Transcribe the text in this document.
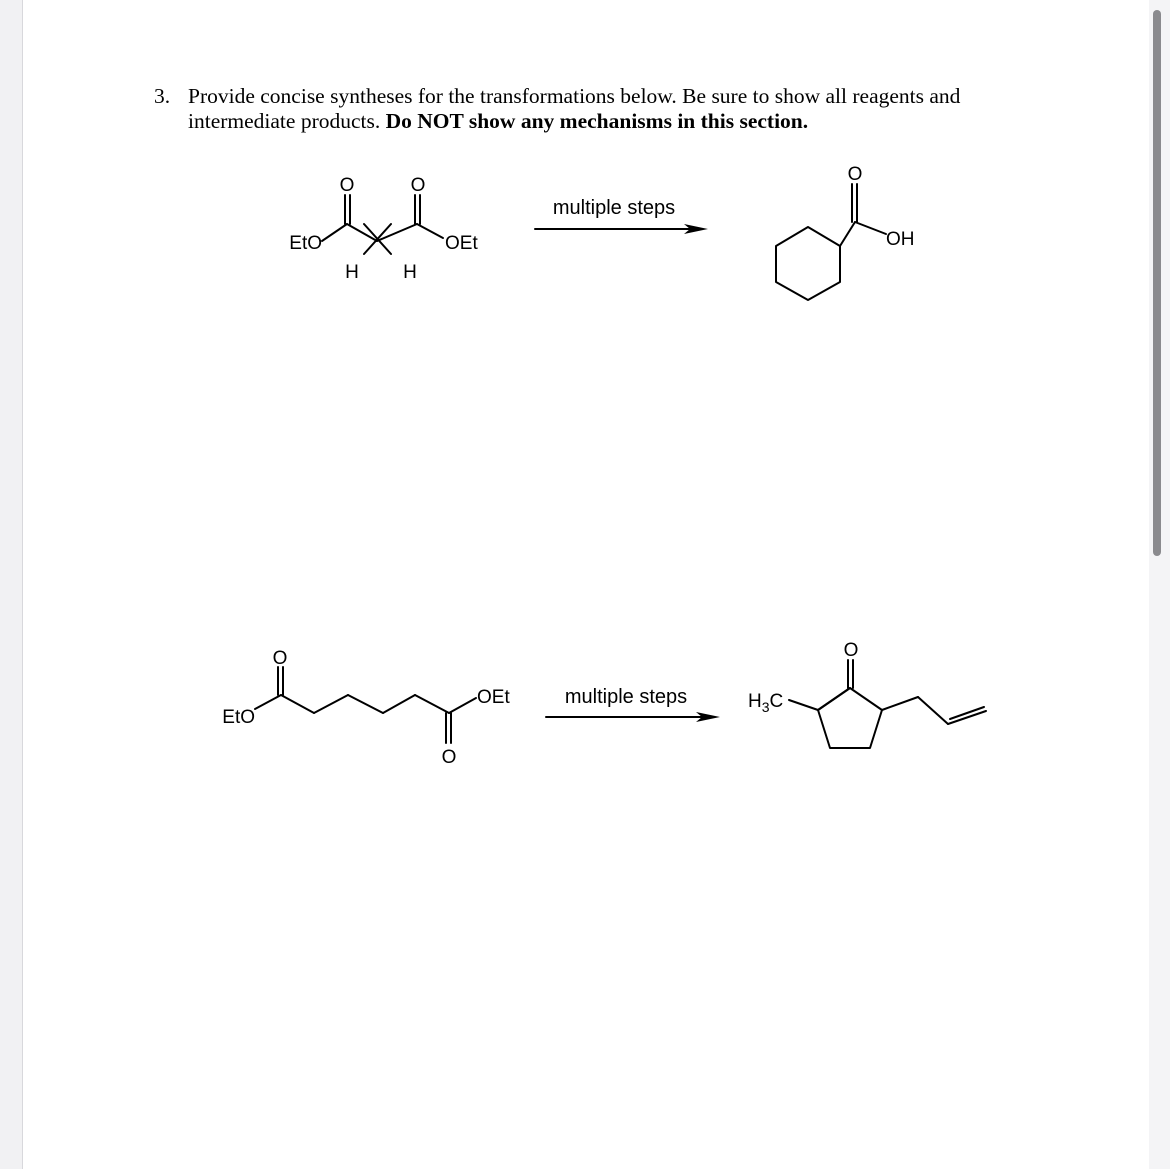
3. Provide concise syntheses for the transformations below. Be sure to show all reagents and
intermediate products. Do NOT show any mechanisms in this section.
O	O
EtO	OEt
H H
multiple steps
O
OH
O
EtO
OEt
O
multiple steps	$H_3C$
O
